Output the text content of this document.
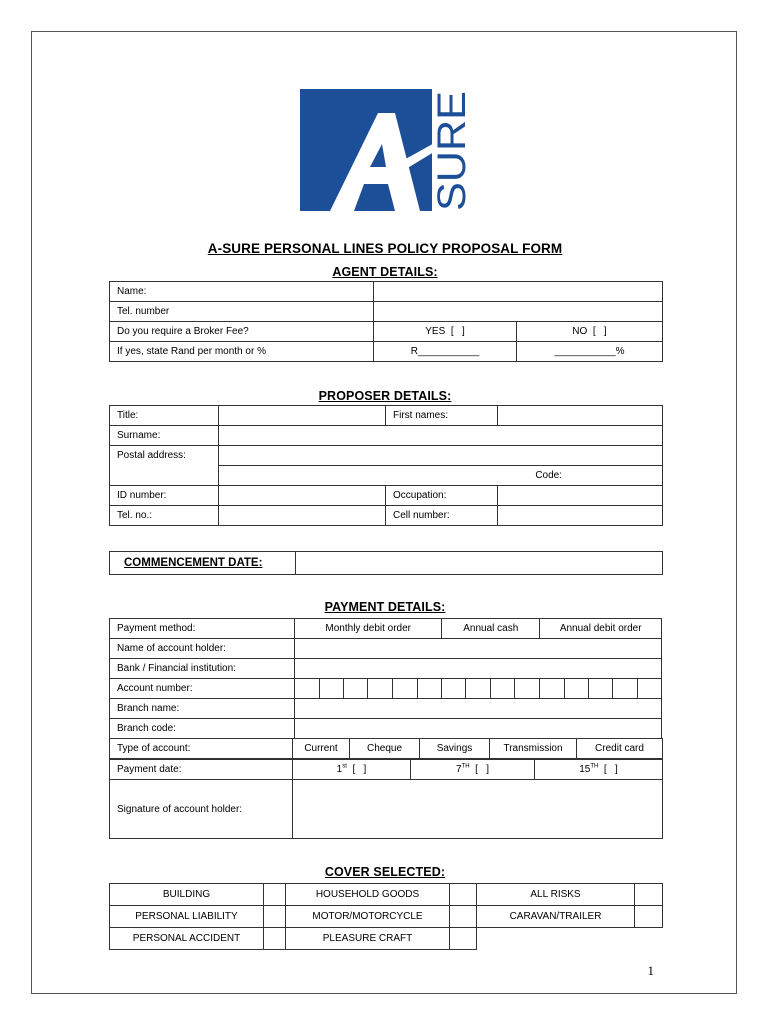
SURE
A-SURE PERSONAL LINES POLICY PROPOSAL FORM
AGENT DETAILS:
Name:		
Tel. number		
Do you require a Broker Fee?	YES  [   ]	NO  [   ]
If yes, state Rand per month or %	R___________	___________%
PROPOSER DETAILS:
Title:		First names:	
Surname:			
Postal address:			
	Code:		
ID number:		Occupation:	
Tel. no.:		Cell number:	
COMMENCEMENT DATE:	
PAYMENT DETAILS:
Payment method:	Monthly debit order						Annual cash				Annual debit order				
Name of account holder:															
Bank / Financial institution:															
Account number:															
Branch name:															
Branch code:															
Type of account:	Current	Cheque	Savings	Transmission	Credit card
Payment date:	1st  [   ]	7TH  [   ]	15TH  [   ]
Signature of account holder:			
COVER SELECTED:
BUILDING		HOUSEHOLD GOODS		ALL RISKS	
PERSONAL LIABILITY		MOTOR/MOTORCYCLE		CARAVAN/TRAILER	
PERSONAL ACCIDENT		PLEASURE CRAFT			
1
